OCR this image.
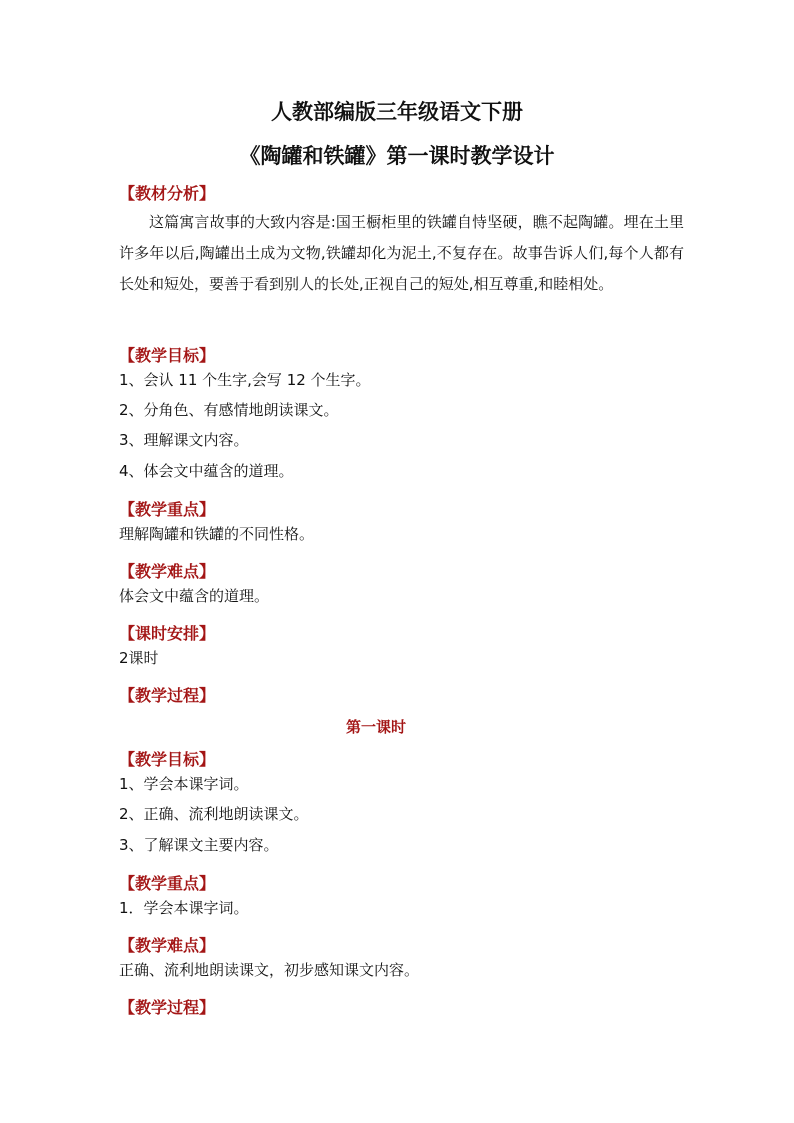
人教部编版三年级语文下册
《陶罐和铁罐》第一课时教学设计
【教材分析】
这篇寓言故事的大致内容是:国王橱柜里的铁罐自恃坚硬，瞧不起陶罐。埋在土里许多年以后,陶罐出土成为文物,铁罐却化为泥土,不复存在。故事告诉人们,每个人都有长处和短处，要善于看到别人的长处,正视自己的短处,相互尊重,和睦相处。
【教学目标】
1、会认 11 个生字,会写 12 个生字。
2、分角色、有感情地朗读课文。
3、理解课文内容。
4、体会文中蕴含的道理。
【教学重点】
理解陶罐和铁罐的不同性格。
【教学难点】
体会文中蕴含的道理。
【课时安排】
2课时
【教学过程】
第一课时
【教学目标】
1、学会本课字词。
2、正确、流利地朗读课文。
3、了解课文主要内容。
【教学重点】
1．学会本课字词。
【教学难点】
正确、流利地朗读课文，初步感知课文内容。
【教学过程】
